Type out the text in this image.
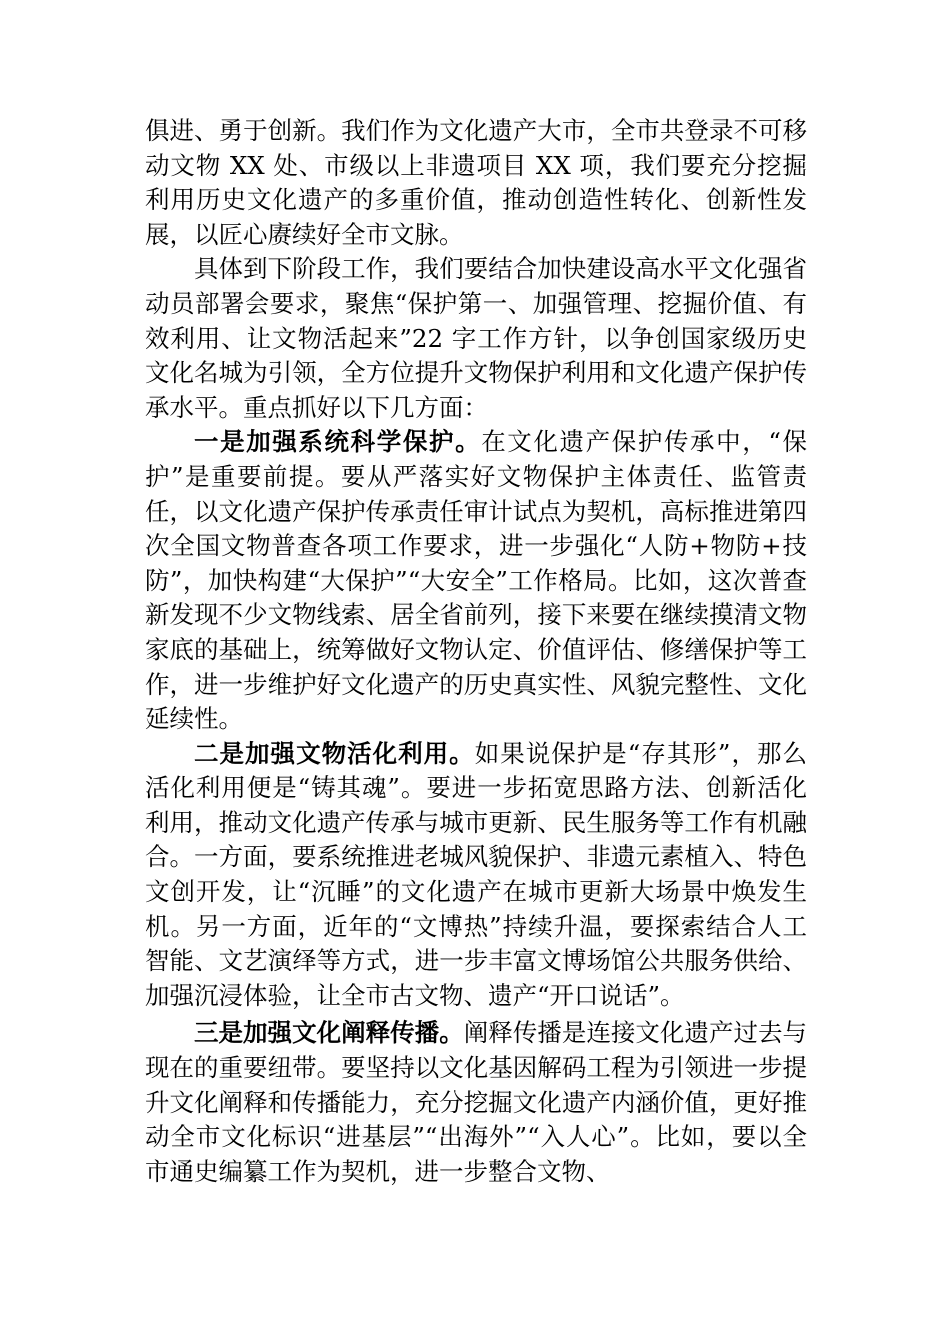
俱进、勇于创新。我们作为文化遗产大市，全市共登录不可移动文物 XX 处、市级以上非遗项目 XX 项，我们要充分挖掘利用历史文化遗产的多重价值，推动创造性转化、创新性发展，以匠心赓续好全市文脉。

具体到下阶段工作，我们要结合加快建设高水平文化强省动员部署会要求，聚焦“保护第一、加强管理、挖掘价值、有效利用、让文物活起来”22 字工作方针，以争创国家级历史文化名城为引领，全方位提升文物保护利用和文化遗产保护传承水平。重点抓好以下几方面：

一是加强系统科学保护。在文化遗产保护传承中，“保护”是重要前提。要从严落实好文物保护主体责任、监管责任，以文化遗产保护传承责任审计试点为契机，高标推进第四次全国文物普查各项工作要求，进一步强化“人防+物防+技防”，加快构建“大保护”“大安全”工作格局。比如，这次普查新发现不少文物线索、居全省前列，接下来要在继续摸清文物家底的基础上，统筹做好文物认定、价值评估、修缮保护等工作，进一步维护好文化遗产的历史真实性、风貌完整性、文化延续性。

二是加强文物活化利用。如果说保护是“存其形”，那么活化利用便是“铸其魂”。要进一步拓宽思路方法、创新活化利用，推动文化遗产传承与城市更新、民生服务等工作有机融合。一方面，要系统推进老城风貌保护、非遗元素植入、特色文创开发，让“沉睡”的文化遗产在城市更新大场景中焕发生机。另一方面，近年的“文博热”持续升温，要探索结合人工智能、文艺演绎等方式，进一步丰富文博场馆公共服务供给、加强沉浸体验，让全市古文物、遗产“开口说话”。

三是加强文化阐释传播。阐释传播是连接文化遗产过去与现在的重要纽带。要坚持以文化基因解码工程为引领进一步提升文化阐释和传播能力，充分挖掘文化遗产内涵价值，更好推动全市文化标识“进基层”“出海外”“入人心”。比如，要以全市通史编纂工作为契机，进一步整合文物、
